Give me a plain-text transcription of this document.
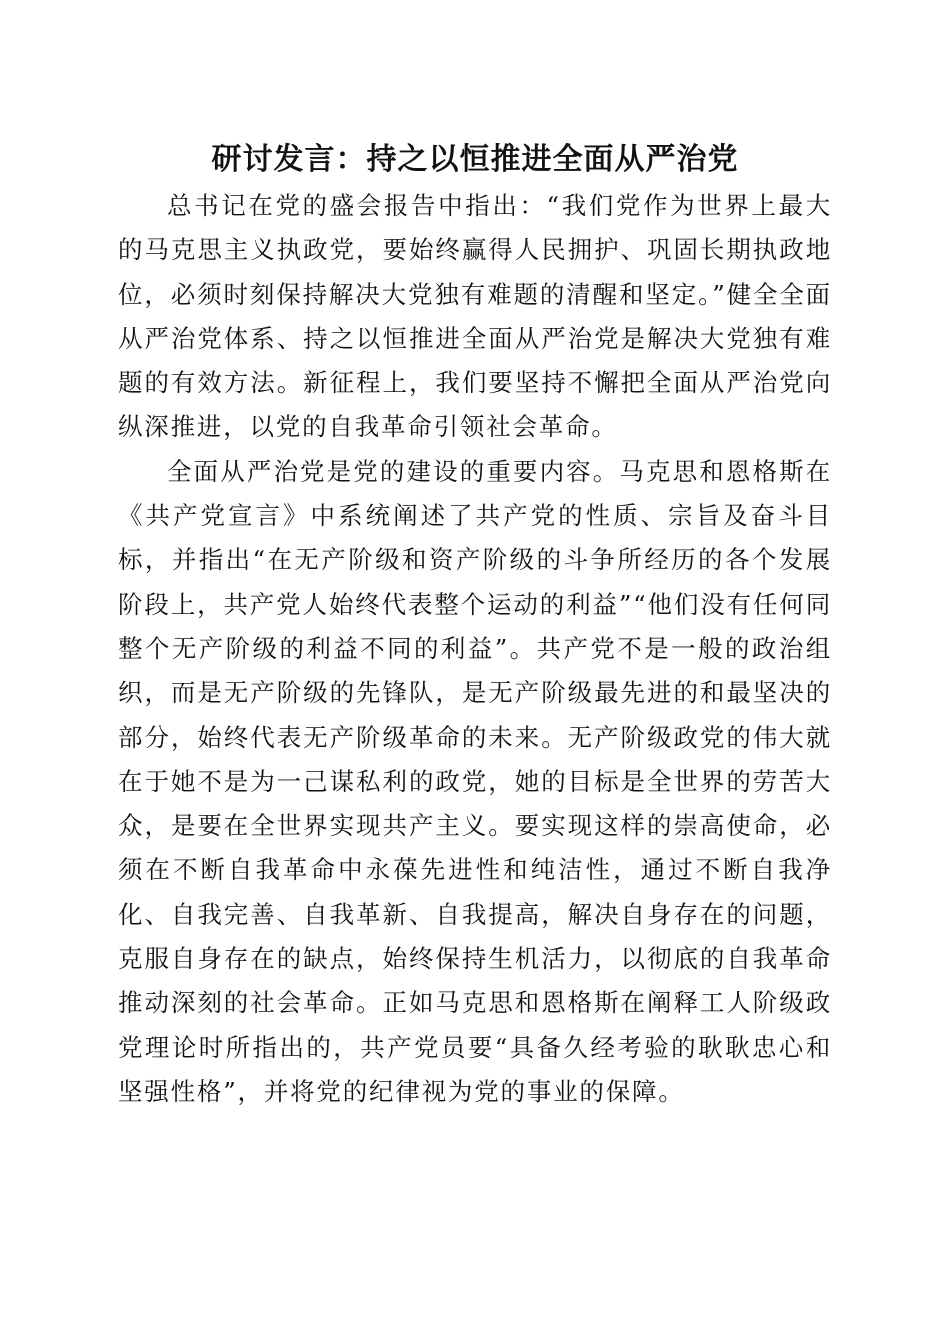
研讨发言：持之以恒推进全面从严治党

总书记在党的盛会报告中指出：“我们党作为世界上最大的马克思主义执政党，要始终赢得人民拥护、巩固长期执政地位，必须时刻保持解决大党独有难题的清醒和坚定。”健全全面从严治党体系、持之以恒推进全面从严治党是解决大党独有难题的有效方法。新征程上，我们要坚持不懈把全面从严治党向纵深推进，以党的自我革命引领社会革命。

全面从严治党是党的建设的重要内容。马克思和恩格斯在《共产党宣言》中系统阐述了共产党的性质、宗旨及奋斗目标，并指出“在无产阶级和资产阶级的斗争所经历的各个发展阶段上，共产党人始终代表整个运动的利益”“他们没有任何同整个无产阶级的利益不同的利益”。共产党不是一般的政治组织，而是无产阶级的先锋队，是无产阶级最先进的和最坚决的部分，始终代表无产阶级革命的未来。无产阶级政党的伟大就在于她不是为一己谋私利的政党，她的目标是全世界的劳苦大众，是要在全世界实现共产主义。要实现这样的崇高使命，必须在不断自我革命中永葆先进性和纯洁性，通过不断自我净化、自我完善、自我革新、自我提高，解决自身存在的问题，克服自身存在的缺点，始终保持生机活力，以彻底的自我革命推动深刻的社会革命。正如马克思和恩格斯在阐释工人阶级政党理论时所指出的，共产党员要“具备久经考验的耿耿忠心和坚强性格”，并将党的纪律视为党的事业的保障。
